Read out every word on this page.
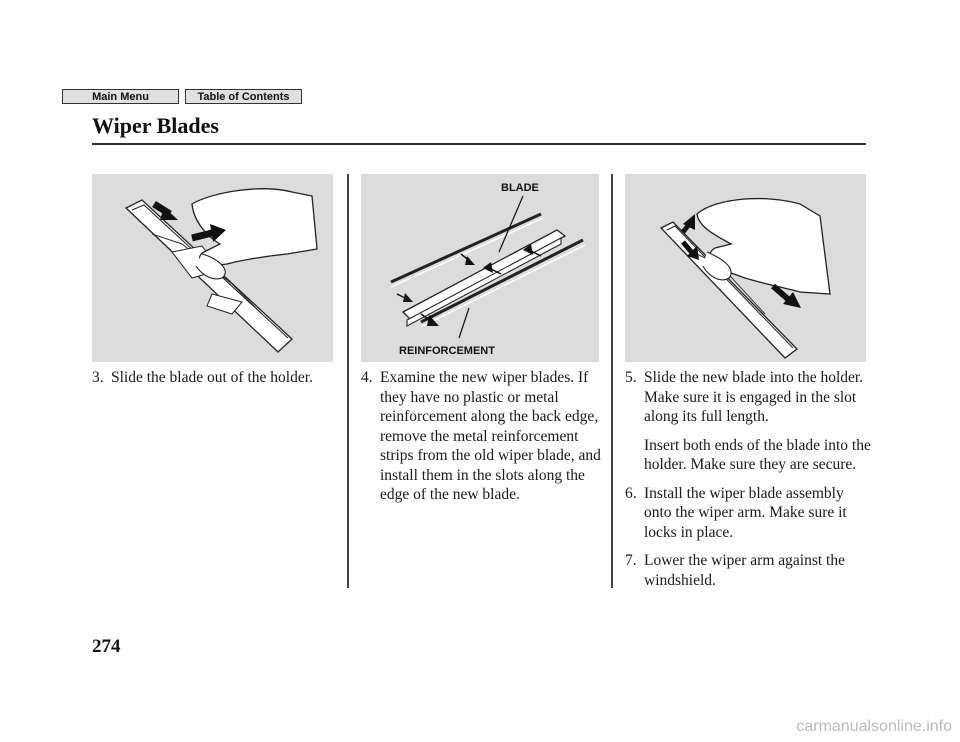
Main Menu	Table of Contents
Wiper Blades
BLADE
REINFORCEMENT
3. Slide the blade out of the holder.	4. Examine the new wiper blades. If they have no plastic or metal reinforcement along the back edge, remove the metal reinforcement strips from the old wiper blade, and install them in the slots along the edge of the new blade.
5. Slide the new blade into the holder. Make sure it is engaged in the slot along its full length.
Insert both ends of the blade into the holder. Make sure they are secure.
6. Install the wiper blade assembly onto the wiper arm. Make sure it locks in place.
7. Lower the wiper arm against the windshield.
274
carmanualsonline.info
